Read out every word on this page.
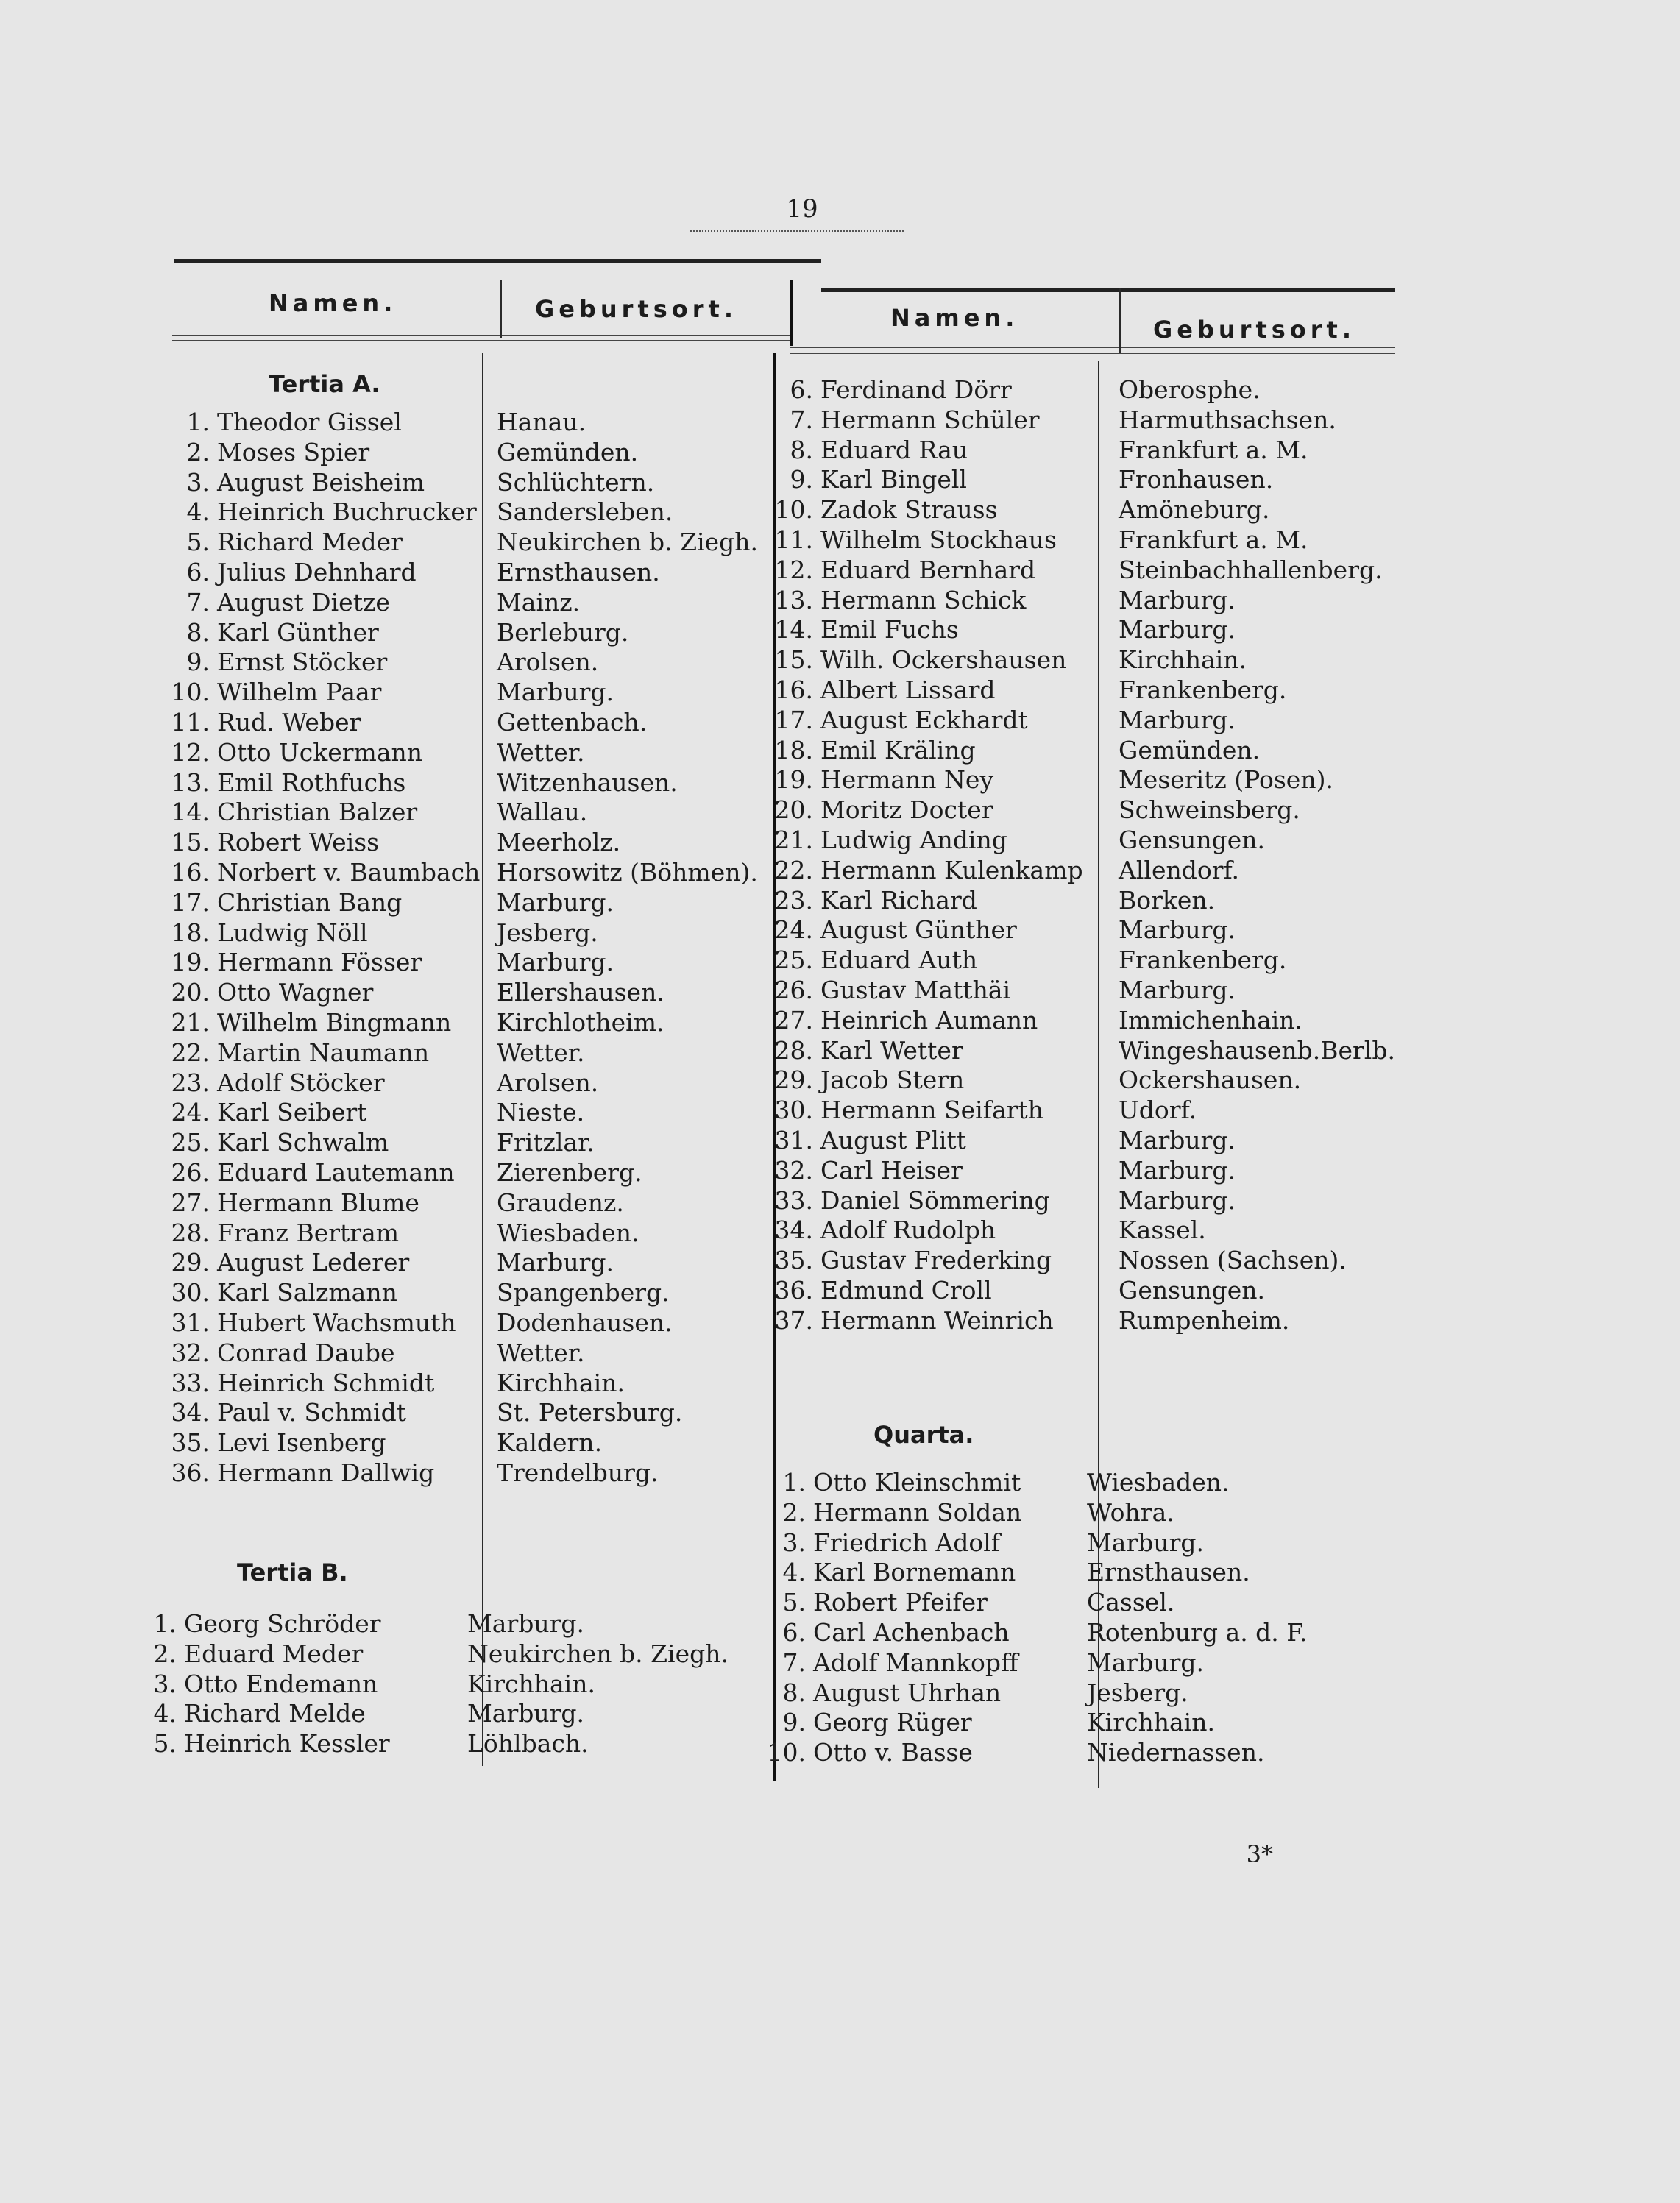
19
Namen.	Geburtsort.	Namen.	Geburtsort.
Tertia A.
1. Theodor Gissel	Hanau.
2. Moses Spier	Gemünden.
3. August Beisheim	Schlüchtern.
4. Heinrich Buchrucker Sandersleben.
5. Richard Meder	Neukirchen b. Ziegh.
6. Julius Dehnhard	Ernsthausen.
7. August Dietze	Mainz.
8. Karl Günther	Berleburg.
9. Ernst Stöcker	Arolsen.
10. Wilhelm Paar	Marburg.
11. Rud. Weber	Gettenbach.
12. Otto Uckermann	Wetter.
13. Emil Rothfuchs	Witzenhausen.
14. Christian Balzer	Wallau.
15. Robert Weiss	Meerholz.
16. Norbert v. Baumbach Horsowitz (Böhmen).
17. Christian Bang	Marburg.
18. Ludwig Nöll	Jesberg.
19. Hermann Fösser	Marburg.
20. Otto Wagner	Ellershausen.
21. Wilhelm Bingmann Kirchlotheim.
22. Martin Naumann	Wetter.
23. Adolf Stöcker	Arolsen.
24. Karl Seibert	Nieste.
25. Karl Schwalm	Fritzlar.
26. Eduard Lautemann Zierenberg.
27. Hermann Blume	Graudenz.
28. Franz Bertram	Wiesbaden.
29. August Lederer	Marburg.
30. Karl Salzmann	Spangenberg.
31. Hubert Wachsmuth Dodenhausen.
32. Conrad Daube	Wetter.
33. Heinrich Schmidt	Kirchhain.
34. Paul v. Schmidt	St. Petersburg.
35. Levi Isenberg	Kaldern.
36. Hermann Dallwig	Trendelburg.
Tertia B.
1. Georg Schröder	Marburg.
2. Eduard Meder	Neukirchen b. Ziegh.
3. Otto Endemann	Kirchhain.
4. Richard Melde	Marburg.
5. Heinrich Kessler	Löhlbach.
6. Ferdinand Dörr	Oberosphe.
7. Hermann Schüler	Harmuthsachsen.
8. Eduard Rau	Frankfurt a. M.
9. Karl Bingell	Fronhausen.
10. Zadok Strauss	Amöneburg.
11. Wilhelm Stockhaus	Frankfurt a. M.
12. Eduard Bernhard	Steinbachhallenberg.
13. Hermann Schick	Marburg.
14. Emil Fuchs	Marburg.
15. Wilh. Ockershausen Kirchhain.
16. Albert Lissard	Frankenberg.
17. August Eckhardt	Marburg.
18. Emil Kräling	Gemünden.
19. Hermann Ney	Meseritz (Posen).
20. Moritz Docter	Schweinsberg.
21. Ludwig Anding	Gensungen.
22. Hermann Kulenkamp Allendorf.
23. Karl Richard	Borken.
24. August Günther	Marburg.
25. Eduard Auth	Frankenberg.
26. Gustav Matthäi	Marburg.
27. Heinrich Aumann	Immichenhain.
28. Karl Wetter	Wingeshausenb.Berlb.
29. Jacob Stern	Ockershausen.
30. Hermann Seifarth	Udorf.
31. August Plitt	Marburg.
32. Carl Heiser	Marburg.
33. Daniel Sömmering	Marburg.
34. Adolf Rudolph	Kassel.
35. Gustav Frederking	Nossen (Sachsen).
36. Edmund Croll	Gensungen.
37. Hermann Weinrich	Rumpenheim.
Quarta.
1. Otto Kleinschmit	Wiesbaden.
2. Hermann Soldan	Wohra.
3. Friedrich Adolf	Marburg.
4. Karl Bornemann	Ernsthausen.
5. Robert Pfeifer	Cassel.
6. Carl Achenbach	Rotenburg a. d. F.
7. Adolf Mannkopff	Marburg.
8. August Uhrhan	Jesberg.
9. Georg Rüger	Kirchhain.
10. Otto v. Basse	Niedernassen.
3*
